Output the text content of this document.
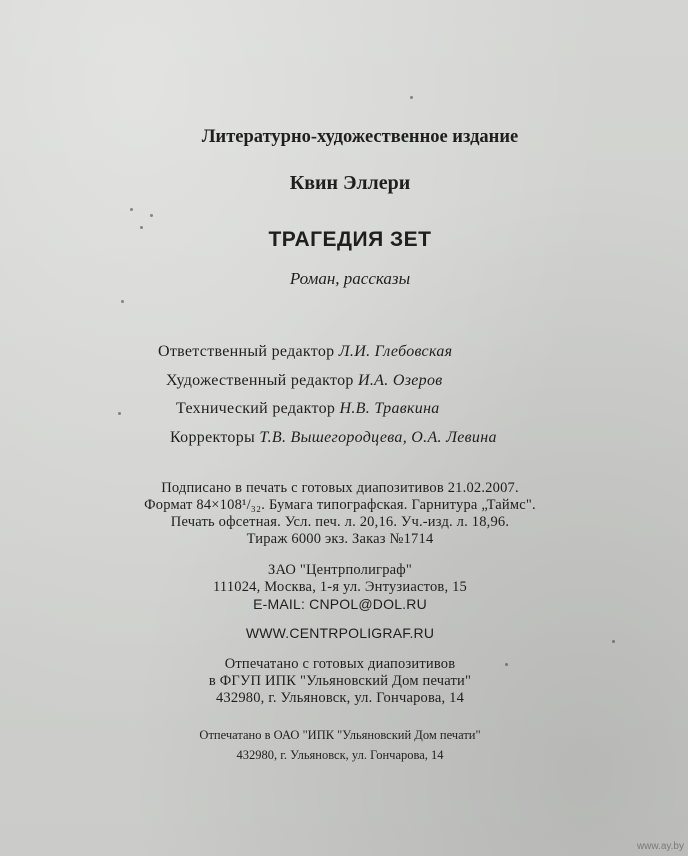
Литературно-художественное издание
Квин Эллери
ТРАГЕДИЯ ЗЕТ
Роман, рассказы
Ответственный редактор Л.И. Глебовская
Художественный редактор И.А. Озеров
Технический редактор Н.В. Травкина
Корректоры Т.В. Вышегородцева, О.А. Левина
Подписано в печать с готовых диапозитивов 21.02.2007.
Формат 84×108¹/₃₂. Бумага типографская. Гарнитура „Таймс".
Печать офсетная. Усл. печ. л. 20,16. Уч.-изд. л. 18,96.
Тираж 6000 экз. Заказ №1714
ЗАО "Центрполиграф"
111024, Москва, 1-я ул. Энтузиастов, 15
E-MAIL: CNPOL@DOL.RU
WWW.CENTRPOLIGRAF.RU
Отпечатано с готовых диапозитивов
в ФГУП ИПК "Ульяновский Дом печати"
432980, г. Ульяновск, ул. Гончарова, 14
Отпечатано в ОАО "ИПК "Ульяновский Дом печати"
432980, г. Ульяновск, ул. Гончарова, 14
www.ay.by
